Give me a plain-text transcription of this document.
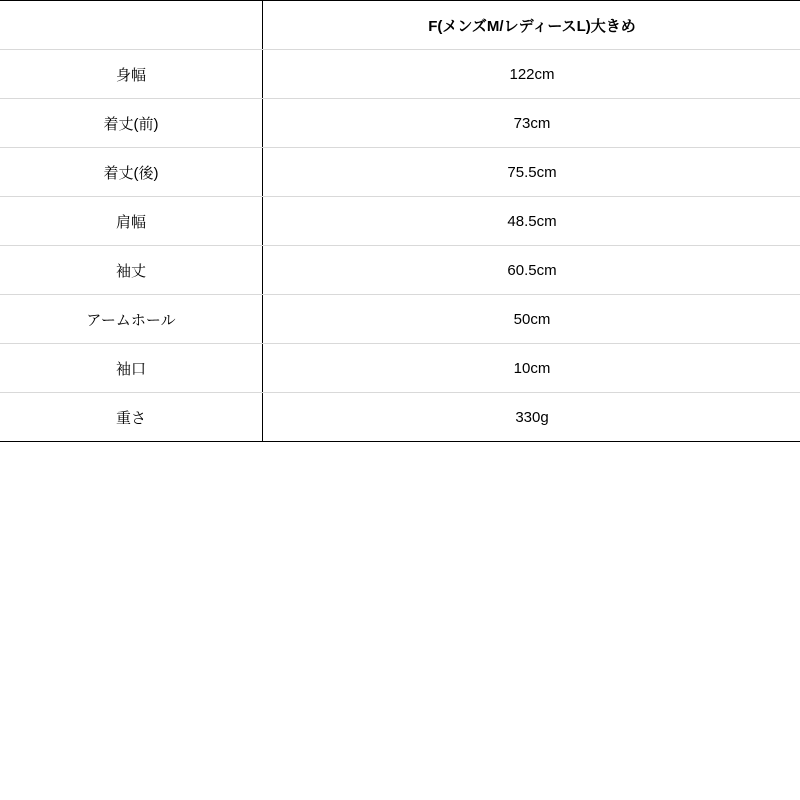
	F(メンズM/レディースL)大きめ

身幅	122cm
着丈(前)	73cm
着丈(後)	75.5cm
肩幅	48.5cm
袖丈	60.5cm
アームホール	50cm
袖口	10cm
重さ	330g
